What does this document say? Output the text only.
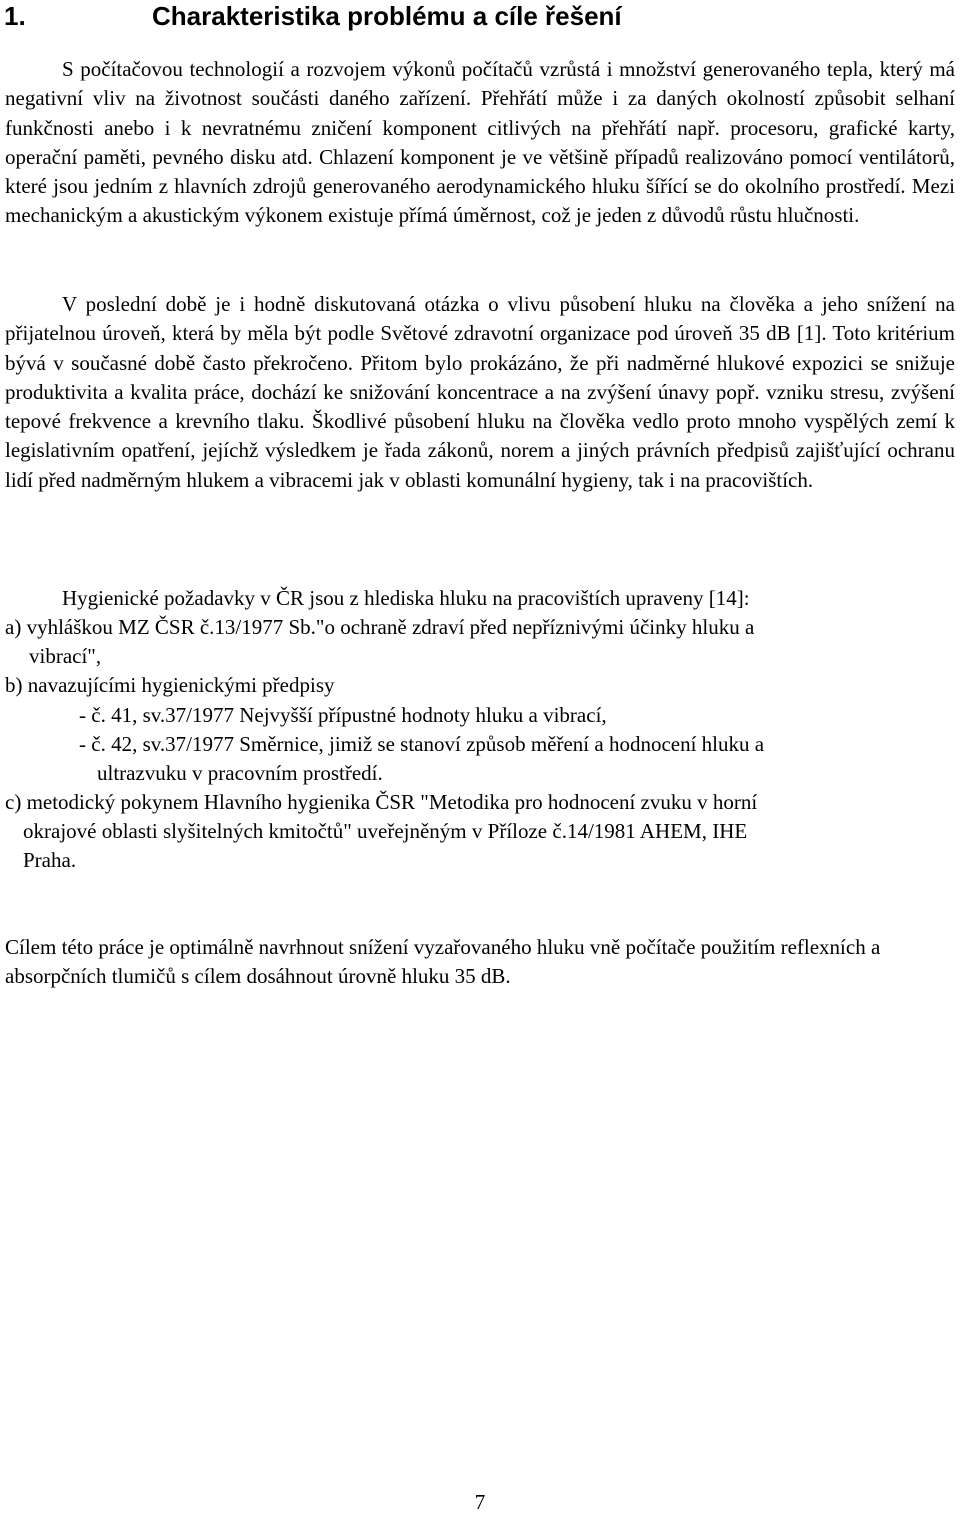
1.	Charakteristika problému a cíle řešení

S počítačovou technologií a rozvojem výkonů počítačů vzrůstá i množství generovaného tepla, který má negativní vliv na životnost součásti daného zařízení. Přehřátí může i za daných okolností způsobit selhaní funkčnosti anebo i k nevratnému zničení komponent citlivých na přehřátí např. procesoru, grafické karty, operační paměti, pevného disku atd. Chlazení komponent je ve většině případů realizováno pomocí ventilátorů, které jsou jedním z hlavních zdrojů generovaného aerodynamického hluku šířící se do okolního prostředí. Mezi mechanickým a akustickým výkonem existuje přímá úměrnost, což je jeden z důvodů růstu hlučnosti.

V poslední době je i hodně diskutovaná otázka o vlivu působení hluku na člověka a jeho snížení na přijatelnou úroveň, která by měla být podle Světové zdravotní organizace pod úroveň 35 dB [1]. Toto kritérium bývá v současné době často překročeno. Přitom bylo prokázáno, že při nadměrné hlukové expozici se snižuje produktivita a kvalita práce, dochází ke snižování koncentrace a na zvýšení únavy popř. vzniku stresu, zvýšení tepové frekvence a krevního tlaku. Škodlivé působení hluku na člověka vedlo proto mnoho vyspělých zemí k legislativním opatření, jejíchž výsledkem je řada zákonů, norem a jiných právních předpisů zajišťující ochranu lidí před nadměrným hlukem a vibracemi jak v oblasti komunální hygieny, tak i na pracovištích.

Hygienické požadavky v ČR jsou z hlediska hluku na pracovištích upraveny [14]:

a) vyhláškou MZ ČSR č.13/1977 Sb."o ochraně zdraví před nepříznivými účinky hluku a

vibrací",

b) navazujícími hygienickými předpisy

- č. 41, sv.37/1977 Nejvyšší přípustné hodnoty hluku a vibrací,

- č. 42, sv.37/1977 Směrnice, jimiž se stanoví způsob měření a hodnocení hluku a

ultrazvuku v pracovním prostředí.

c) metodický pokynem Hlavního hygienika ČSR "Metodika pro hodnocení zvuku v horní

okrajové oblasti slyšitelných kmitočtů" uveřejněným v Příloze č.14/1981 AHEM, IHE

Praha.

Cílem této práce je optimálně navrhnout snížení vyzařovaného hluku vně počítače použitím reflexních a absorpčních tlumičů s cílem dosáhnout úrovně hluku 35 dB.

7
